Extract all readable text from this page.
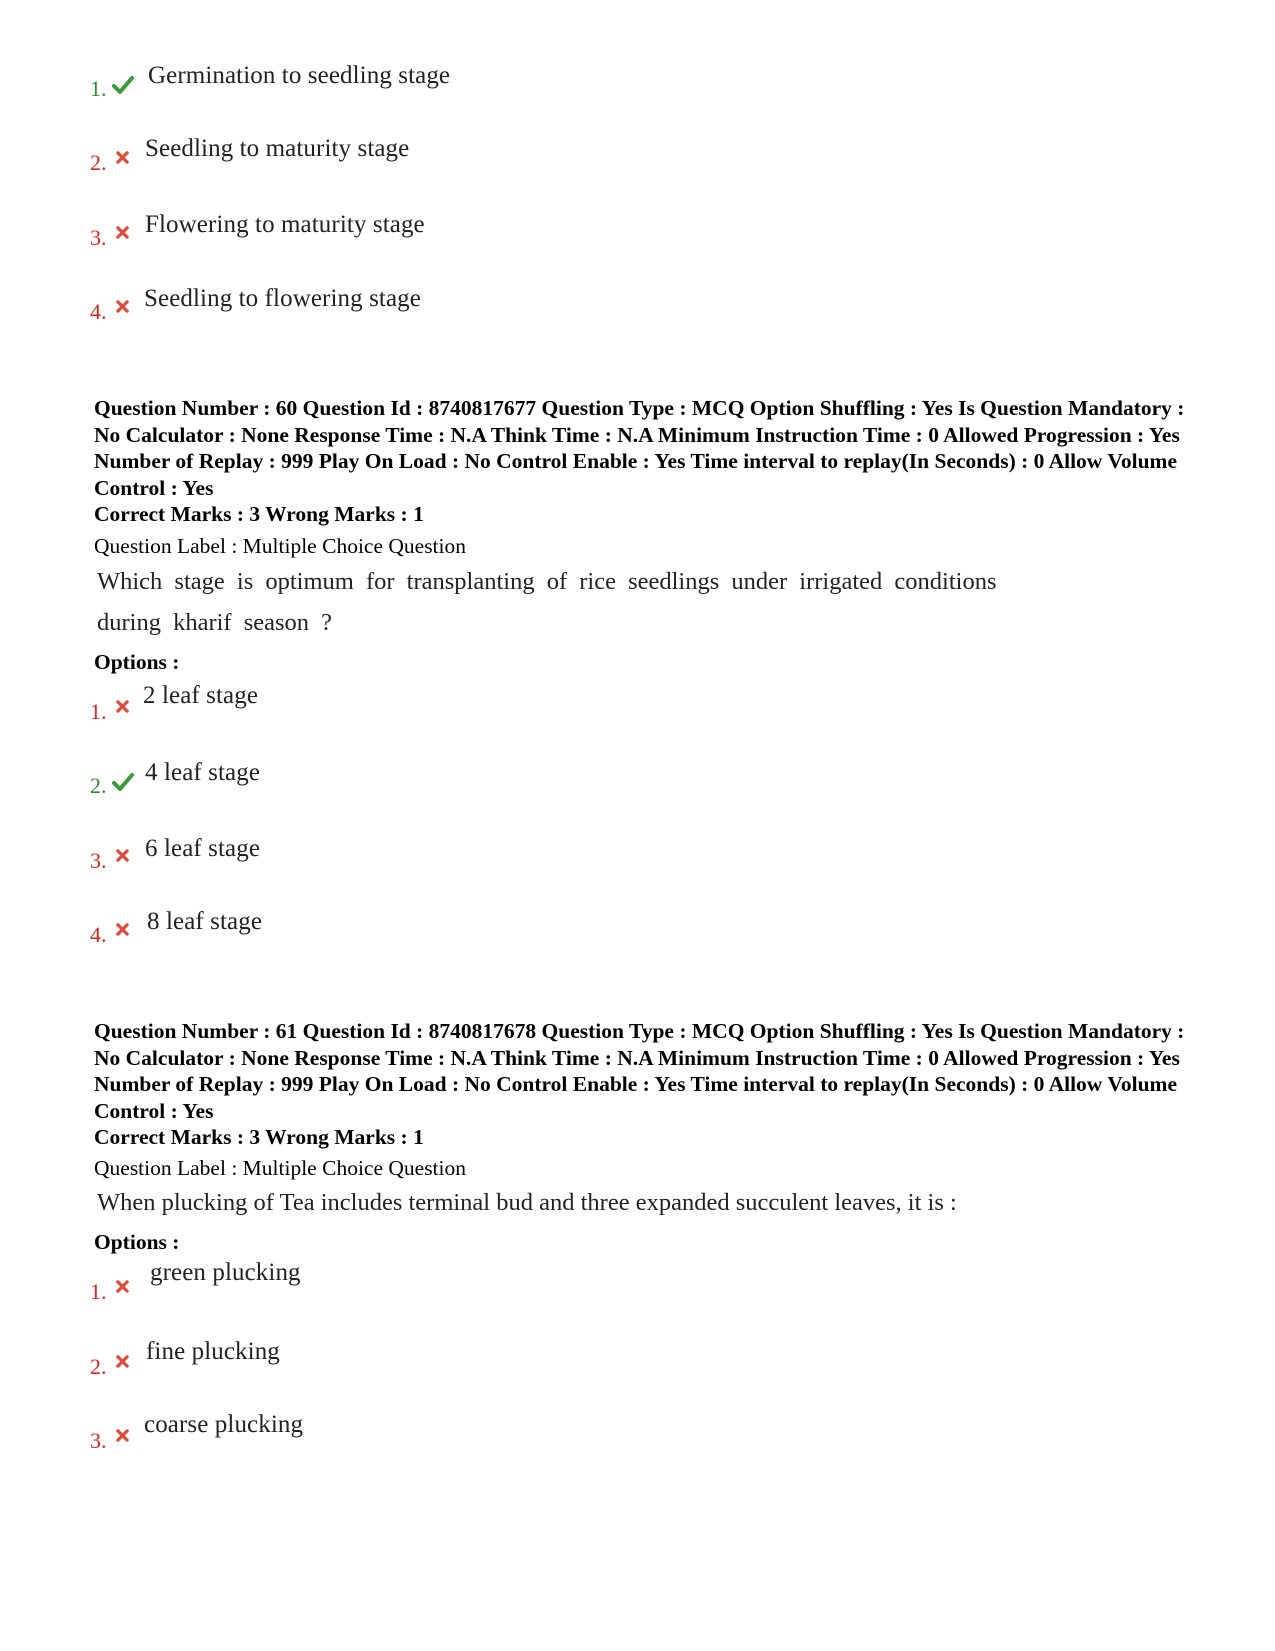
1. Germination to seedling stage
2.
Seedling to maturity stage
3. Flowering to maturity stage
4. Seedling to flowering stage
Question Number : 60 Question Id : 8740817677 Question Type : MCQ Option Shuffling : Yes Is Question Mandatory : No Calculator : None Response Time : N.A Think Time : N.A Minimum Instruction Time : 0 Allowed Progression : Yes Number of Replay : 999 Play On Load : No Control Enable : Yes Time interval to replay(In Seconds) : 0 Allow Volume Control : Yes
Correct Marks : 3 Wrong Marks : 1
Question Label : Multiple Choice Question
Which stage is optimum for transplanting of rice seedlings under irrigated conditions
during kharif season ?
Options :
1.
2 leaf stage
2. 4 leaf stage
3. 6 leaf stage
4. 8 leaf stage
Question Number : 61 Question Id : 8740817678 Question Type : MCQ Option Shuffling : Yes Is Question Mandatory : No Calculator : None Response Time : N.A Think Time : N.A Minimum Instruction Time : 0 Allowed Progression : Yes Number of Replay : 999 Play On Load : No Control Enable : Yes Time interval to replay(In Seconds) : 0 Allow Volume Control : Yes
Correct Marks : 3 Wrong Marks : 1
Question Label : Multiple Choice Question
When plucking of Tea includes terminal bud and three expanded succulent leaves, it is :
Options :
1.
green plucking
2.
fine plucking
3.
coarse plucking
